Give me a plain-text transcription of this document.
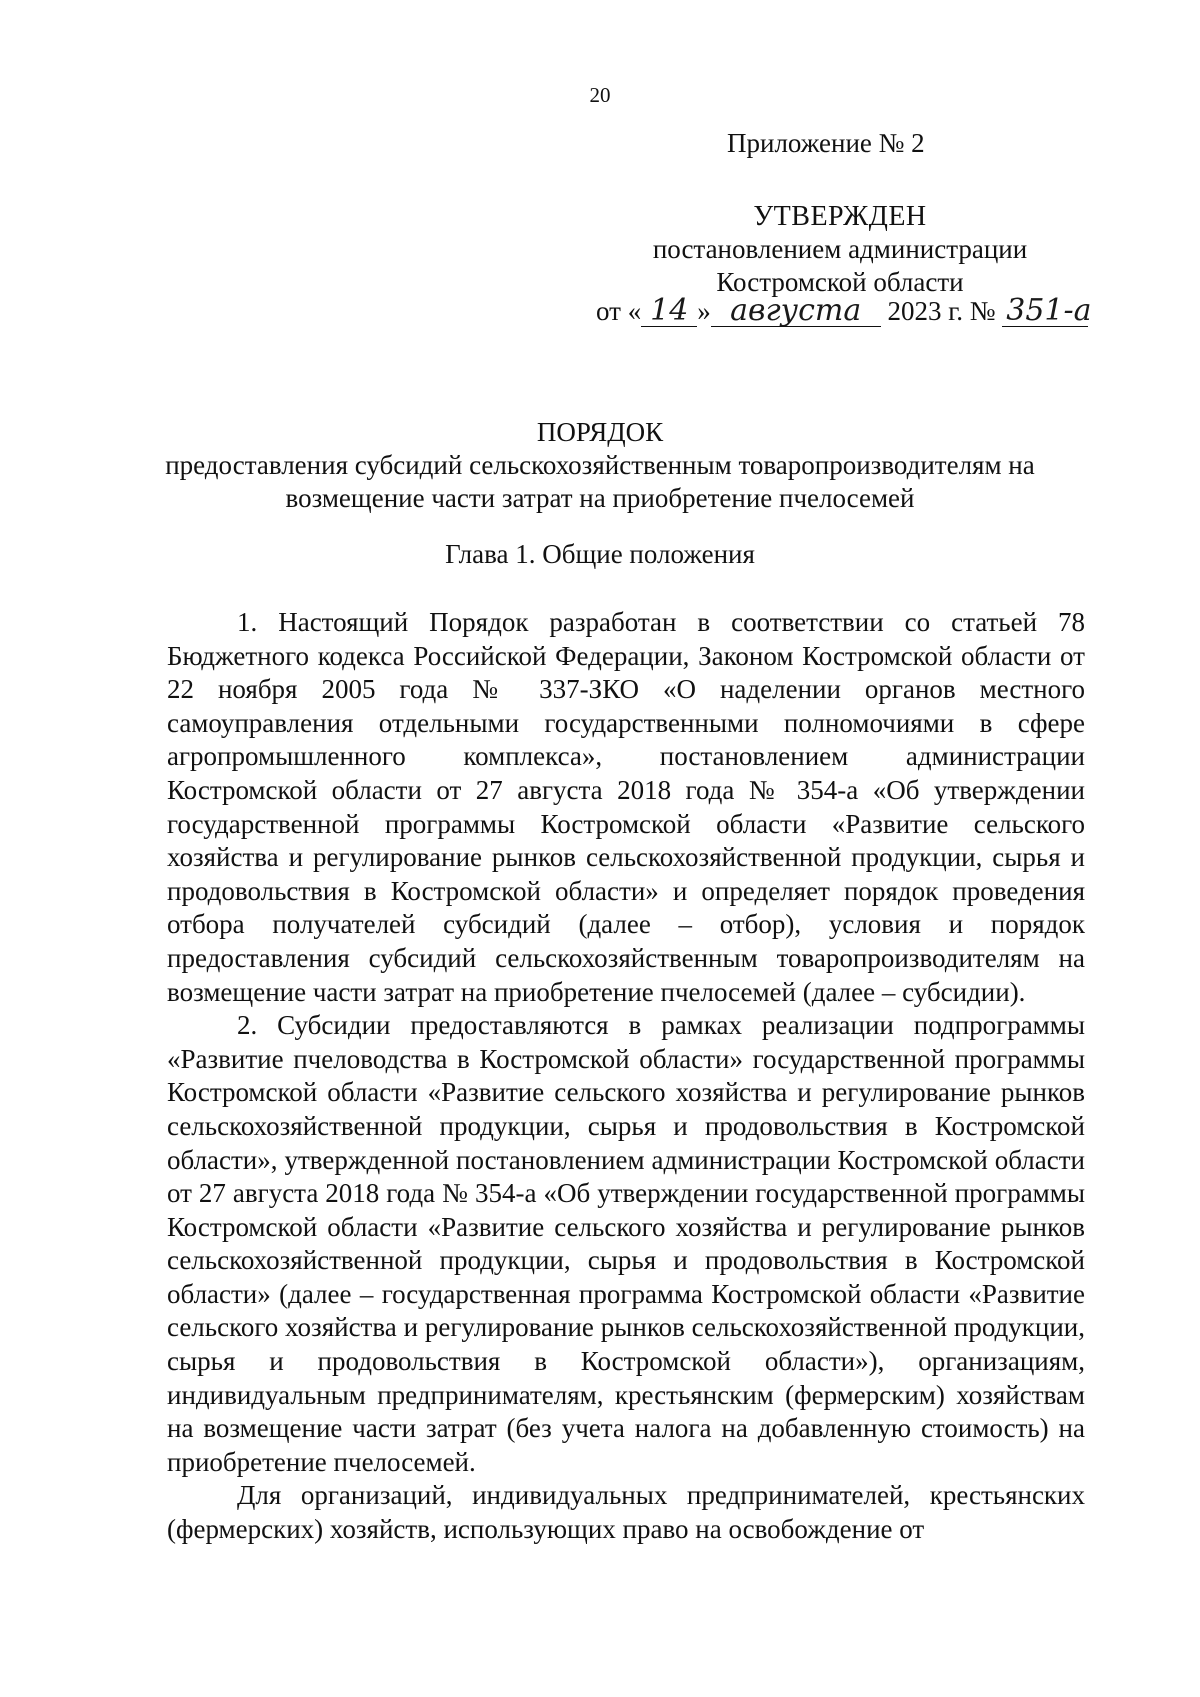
20
Приложение № 2
УТВЕРЖДЕН
постановлением администрации
Костромской области
от « 14 » августа 2023 г. № 351-а
ПОРЯДОК
предоставления субсидий сельскохозяйственным товаропроизводителям на возмещение части затрат на приобретение пчелосемей
Глава 1. Общие положения

1. Настоящий Порядок разработан в соответствии со статьей 78 Бюджетного кодекса Российской Федерации, Законом Костромской области от 22 ноября 2005 года № 337-ЗКО «О наделении органов местного самоуправления отдельными государственными полномочиями в сфере агропромышленного комплекса», постановлением администрации Костромской области от 27 августа 2018 года № 354-а «Об утверждении государственной программы Костромской области «Развитие сельского хозяйства и регулирование рынков сельскохозяйственной продукции, сырья и продовольствия в Костромской области» и определяет порядок проведения отбора получателей субсидий (далее – отбор), условия и порядок предоставления субсидий сельскохозяйственным товаропроизводителям на возмещение части затрат на приобретение пчелосемей (далее – субсидии).

2. Субсидии предоставляются в рамках реализации подпрограммы «Развитие пчеловодства в Костромской области» государственной программы Костромской области «Развитие сельского хозяйства и регулирование рынков сельскохозяйственной продукции, сырья и продовольствия в Костромской области», утвержденной постановлением администрации Костромской области от 27 августа 2018 года № 354-а «Об утверждении государственной программы Костромской области «Развитие сельского хозяйства и регулирование рынков сельскохозяйственной продукции, сырья и продовольствия в Костромской области» (далее – государственная программа Костромской области «Развитие сельского хозяйства и регулирование рынков сельскохозяйственной продукции, сырья и продовольствия в Костромской области»), организациям, индивидуальным предпринимателям, крестьянским (фермерским) хозяйствам на возмещение части затрат (без учета налога на добавленную стоимость) на приобретение пчелосемей.

Для организаций, индивидуальных предпринимателей, крестьянских (фермерских) хозяйств, использующих право на освобождение от
